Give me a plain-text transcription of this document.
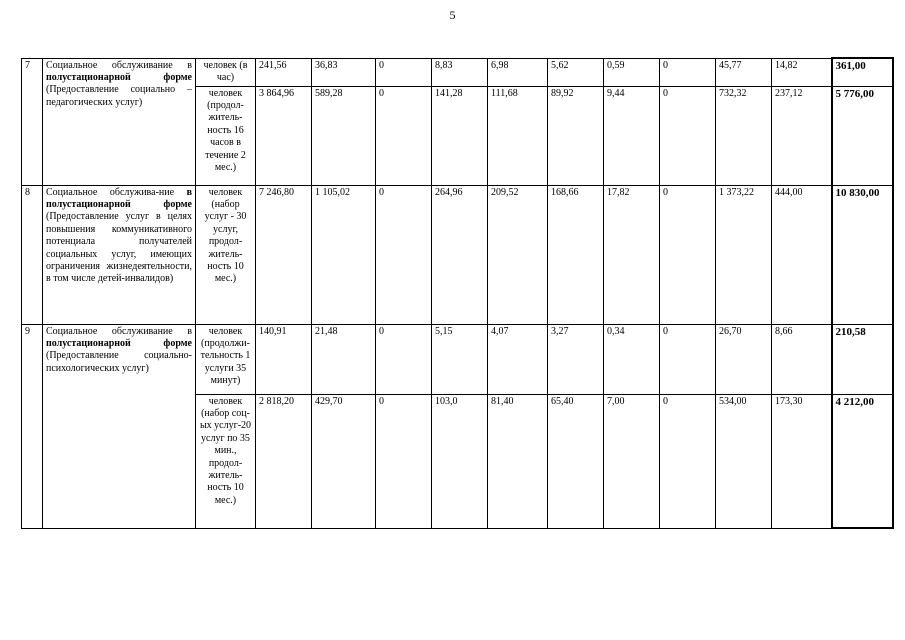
5
7	Социальное обслуживание в полустационарной форме (Предоставление социально – педагогических услуг)	человек (в час)	241,56	36,83	0	8,83	6,98	5,62	0,59	0	45,77	14,82	361,00
		человек (продол-житель-ность 16 часов в течение 2 мес.)	3 864,96	589,28	0	141,28	111,68	89,92	9,44	0	732,32	237,12	5 776,00
8	Социальное обслужива-ние в полустационарной форме (Предоставление услуг в целях повышения коммуникативного потенциала получателей социальных услуг, имеющих ограничения жизнедеятельности, в том числе детей-инвалидов)	человек (набор услуг - 30 услуг, продол-житель-ность 10 мес.)	7 246,80	1 105,02	0	264,96	209,52	168,66	17,82	0	1 373,22	444,00	10 830,00
9	Социальное обслуживание в полустационарной форме (Предоставление социально-психологических услуг)	человек (продолжи-тельность 1 услуги 35 минут)	140,91	21,48	0	5,15	4,07	3,27	0,34	0	26,70	8,66	210,58
		человек (набор соц-ых услуг-20 услуг по 35 мин., продол-житель-ность 10 мес.)	2 818,20	429,70	0	103,0	81,40	65,40	7,00	0	534,00	173,30	4 212,00
